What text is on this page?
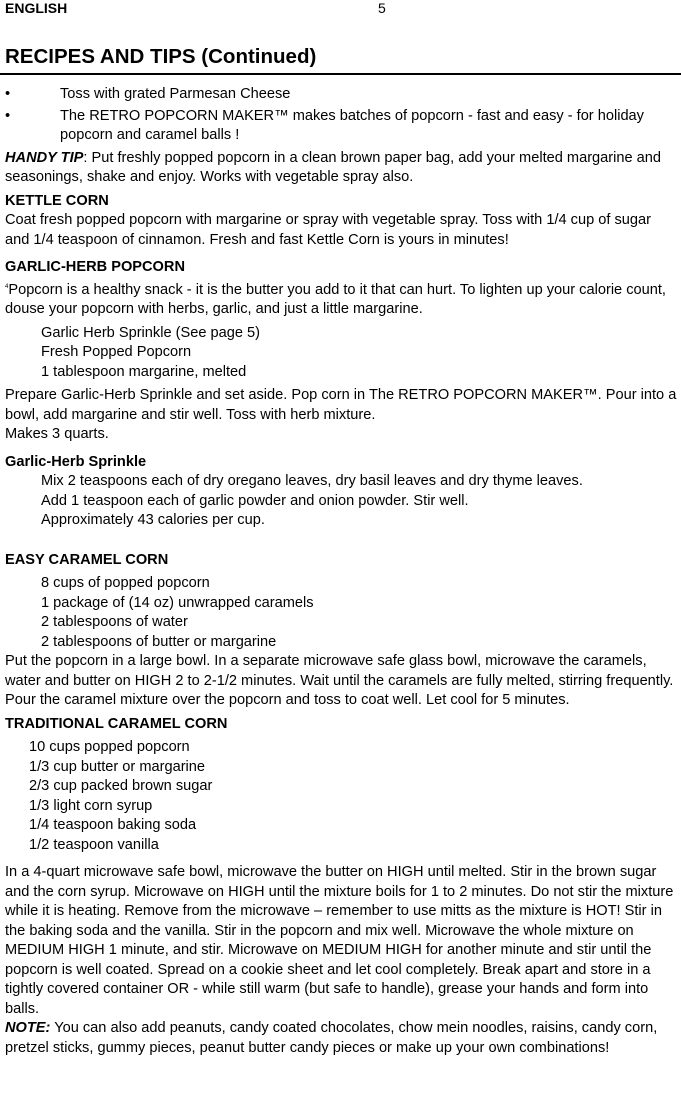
ENGLISH	5
RECIPES AND TIPS (Continued)
•	Toss with grated Parmesan Cheese
•	The RETRO POPCORN MAKER™ makes batches of popcorn - fast and easy - for holiday popcorn and caramel balls !

HANDY TIP: Put freshly popped popcorn in a clean brown paper bag, add your melted margarine and seasonings, shake and enjoy. Works with vegetable spray also.

KETTLE CORN

Coat fresh popped popcorn with margarine or spray with vegetable spray. Toss with 1/4 cup of sugar and 1/4 teaspoon of cinnamon. Fresh and fast Kettle Corn is yours in minutes!

GARLIC-HERB POPCORN

$^4$Popcorn is a healthy snack - it is the butter you add to it that can hurt. To lighten up your calorie count, douse your popcorn with herbs, garlic, and just a little margarine.

Garlic Herb Sprinkle (See page 5)
Fresh Popped Popcorn
1 tablespoon margarine, melted

Prepare Garlic-Herb Sprinkle and set aside. Pop corn in The RETRO POPCORN MAKER™. Pour into a bowl, add margarine and stir well. Toss with herb mixture.

Makes 3 quarts.

Garlic-Herb Sprinkle
Mix 2 teaspoons each of dry oregano leaves, dry basil leaves and dry thyme leaves.
Add 1 teaspoon each of garlic powder and onion powder. Stir well.
Approximately 43 calories per cup.
EASY CARAMEL CORN
8 cups of popped popcorn
1 package of (14 oz) unwrapped caramels
2 tablespoons of water
2 tablespoons of butter or margarine

Put the popcorn in a large bowl. In a separate microwave safe glass bowl, microwave the caramels, water and butter on HIGH 2 to 2-1/2 minutes. Wait until the caramels are fully melted, stirring frequently. Pour the caramel mixture over the popcorn and toss to coat well. Let cool for 5 minutes.

TRADITIONAL CARAMEL CORN
10 cups popped popcorn
1/3 cup butter or margarine
2/3 cup packed brown sugar
1/3 light corn syrup
1/4 teaspoon baking soda
1/2 teaspoon vanilla

In a 4-quart microwave safe bowl, microwave the butter on HIGH until melted. Stir in the brown sugar and the corn syrup. Microwave on HIGH until the mixture boils for 1 to 2 minutes. Do not stir the mixture while it is heating. Remove from the microwave – remember to use mitts as the mixture is HOT! Stir in the baking soda and the vanilla. Stir in the popcorn and mix well. Microwave the whole mixture on MEDIUM HIGH 1 minute, and stir. Microwave on MEDIUM HIGH for another minute and stir until the popcorn is well coated. Spread on a cookie sheet and let cool completely. Break apart and store in a tightly covered container OR - while still warm (but safe to handle), grease your hands and form into balls.

NOTE: You can also add peanuts, candy coated chocolates, chow mein noodles, raisins, candy corn, pretzel sticks, gummy pieces, peanut butter candy pieces or make up your own combinations!
